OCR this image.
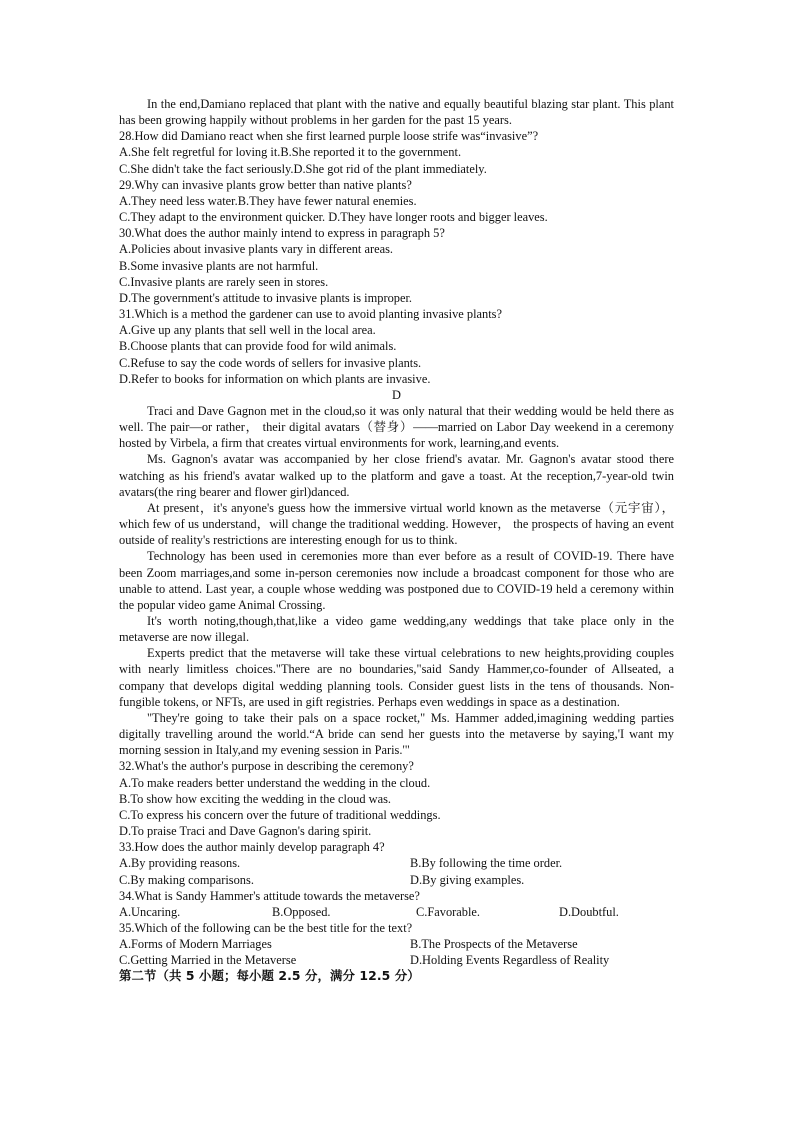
In the end,Damiano replaced that plant with the native and equally beautiful blazing star plant. This plant has been growing happily without problems in her garden for the past 15 years.

28.How did Damiano react when she first learned purple loose strife was“invasive”?

A.She felt regretful for loving it.B.She reported it to the government.

C.She didn't take the fact seriously.D.She got rid of the plant immediately.

29.Why can invasive plants grow better than native plants?

A.They need less water.B.They have fewer natural enemies.

C.They adapt to the environment quicker. D.They have longer roots and bigger leaves.

30.What does the author mainly intend to express in paragraph 5?

A.Policies about invasive plants vary in different areas.

B.Some invasive plants are not harmful.

C.Invasive plants are rarely seen in stores.

D.The government's attitude to invasive plants is improper.

31.Which is a method the gardener can use to avoid planting invasive plants?

A.Give up any plants that sell well in the local area.

B.Choose plants that can provide food for wild animals.

C.Refuse to say the code words of sellers for invasive plants.

D.Refer to books for information on which plants are invasive.

D

Traci and Dave Gagnon met in the cloud,so it was only natural that their wedding would be held there as well. The pair—or rather， their digital avatars（替身）——married on Labor Day weekend in a ceremony hosted by Virbela, a firm that creates virtual environments for work, learning,and events.

Ms. Gagnon's avatar was accompanied by her close friend's avatar. Mr. Gagnon's avatar stood there watching as his friend's avatar walked up to the platform and gave a toast. At the reception,7-year-old twin avatars(the ring bearer and flower girl)danced.

At present，it's anyone's guess how the immersive virtual world known as the metaverse（元宇宙），which few of us understand，will change the traditional wedding. However， the prospects of having an event outside of reality's restrictions are interesting enough for us to think.

Technology has been used in ceremonies more than ever before as a result of COVID-19. There have been Zoom marriages,and some in-person ceremonies now include a broadcast component for those who are unable to attend. Last year, a couple whose wedding was postponed due to COVID-19 held a ceremony within the popular video game Animal Crossing.

It's worth noting,though,that,like a video game wedding,any weddings that take place only in the metaverse are now illegal.

Experts predict that the metaverse will take these virtual celebrations to new heights,providing couples with nearly limitless choices."There are no boundaries,"said Sandy Hammer,co-founder of Allseated, a company that develops digital wedding planning tools. Consider guest lists in the tens of thousands. Non-fungible tokens, or NFTs, are used in gift registries. Perhaps even weddings in space as a destination.

"They're going to take their pals on a space rocket," Ms. Hammer added,imagining wedding parties digitally travelling around the world.“A bride can send her guests into the metaverse by saying,'I want my morning session in Italy,and my evening session in Paris.'"

32.What's the author's purpose in describing the ceremony?

A.To make readers better understand the wedding in the cloud.

B.To show how exciting the wedding in the cloud was.

C.To express his concern over the future of traditional weddings.

D.To praise Traci and Dave Gagnon's daring spirit.

33.How does the author mainly develop paragraph 4?

A.By providing reasons.	B.By following the time order.
C.By making comparisons.	D.By giving examples.

34.What is Sandy Hammer's attitude towards the metaverse?

A.Uncaring.	B.Opposed.	C.Favorable.	D.Doubtful.

35.Which of the following can be the best title for the text?

A.Forms of Modern Marriages	B.The Prospects of the Metaverse
C.Getting Married in the Metaverse	D.Holding Events Regardless of Reality

第二节（共 5 小题；每小题 2.5 分，满分 12.5 分）
